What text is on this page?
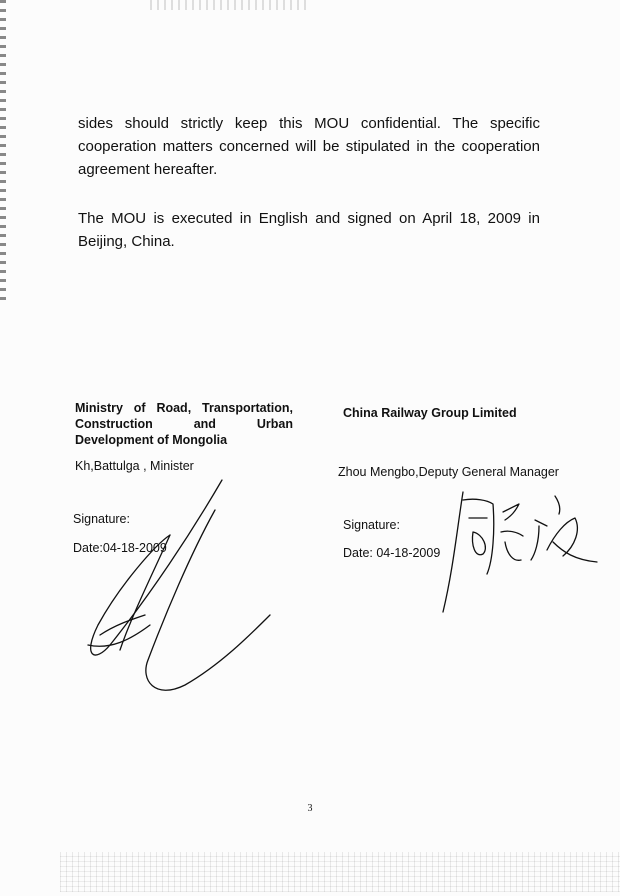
sides should strictly keep this MOU confidential. The specific cooperation matters concerned will be stipulated in the cooperation agreement hereafter.

The MOU is executed in English and signed on April 18, 2009 in Beijing, China.

Ministry of Road, Transportation, Construction and Urban Development of Mongolia

Kh,Battulga , Minister

Signature:

Date:04-18-2009

China Railway Group Limited

Zhou Mengbo,Deputy General Manager

Signature:

Date: 04-18-2009

3
